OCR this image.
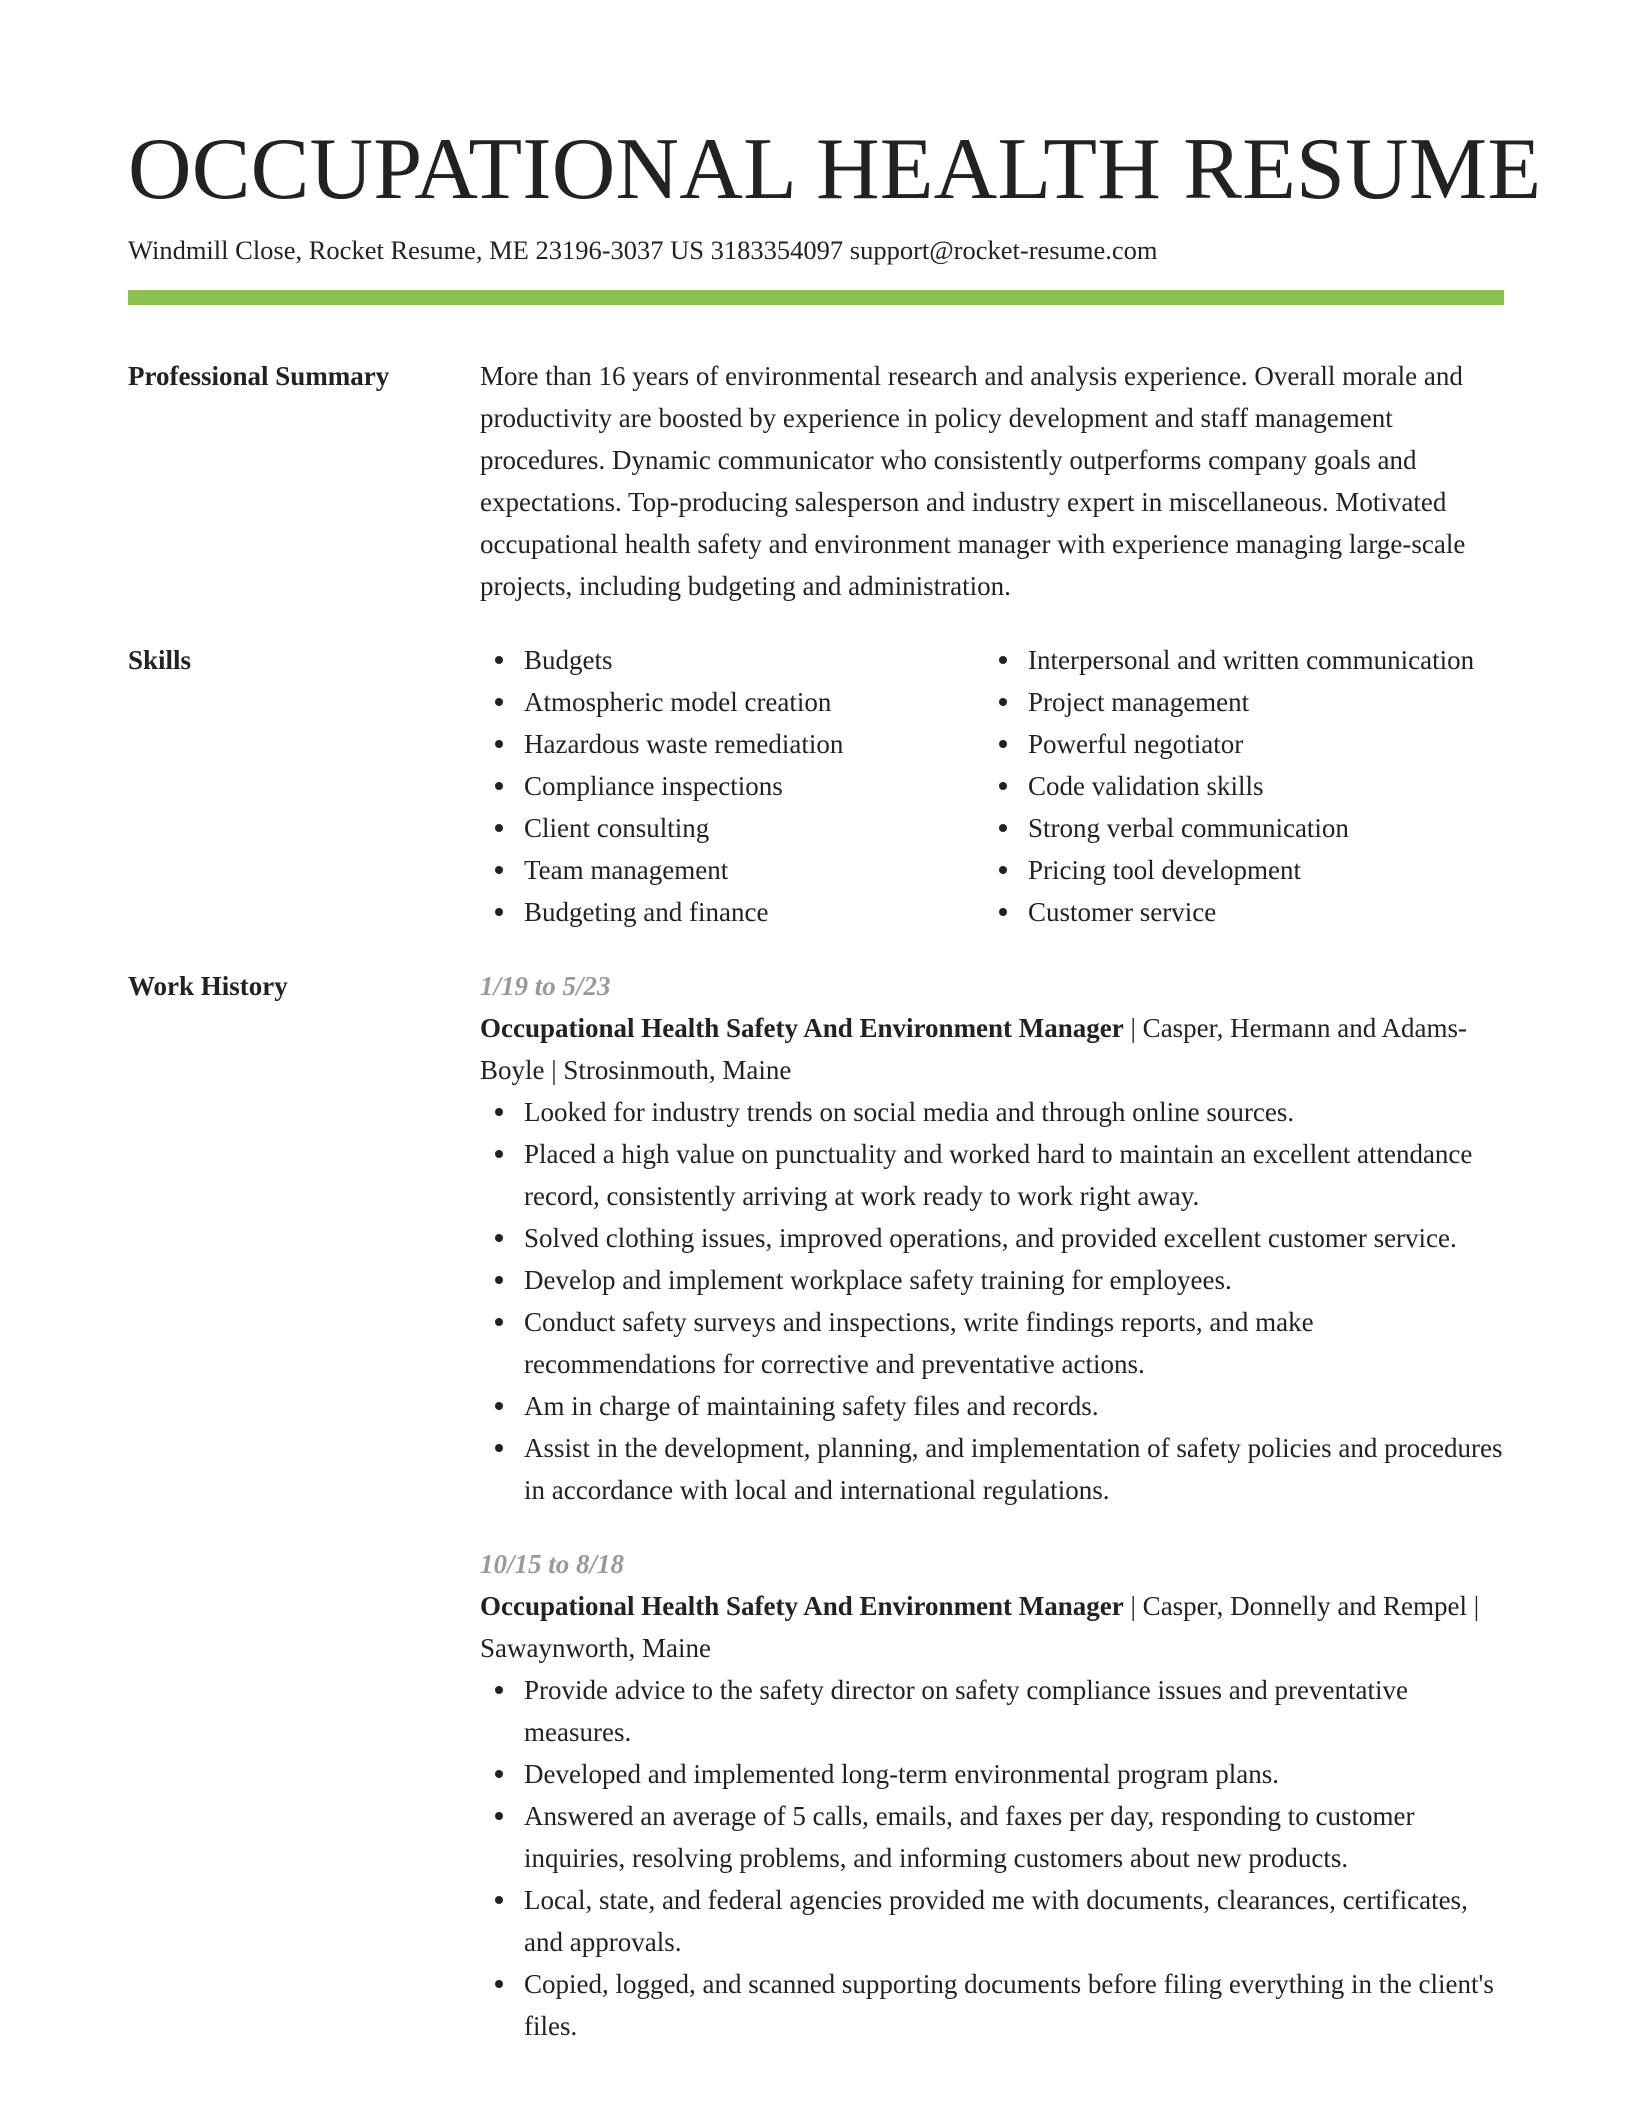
OCCUPATIONAL HEALTH RESUME
Windmill Close, Rocket Resume, ME 23196-3037 US 3183354097 support@rocket-resume.com
Professional Summary	More than 16 years of environmental research and analysis experience. Overall morale and productivity are boosted by experience in policy development and staff management procedures. Dynamic communicator who consistently outperforms company goals and expectations. Top-producing salesperson and industry expert in miscellaneous. Motivated occupational health safety and environment manager with experience managing large-scale projects, including budgeting and administration.
Skills	Budgets
Atmospheric model creation
Hazardous waste remediation
Compliance inspections
Client consulting
Team management
Budgeting and finance
Interpersonal and written communication
Project management
Powerful negotiator
Code validation skills
Strong verbal communication
Pricing tool development
Customer service
Work History	1/19 to 5/23
Occupational Health Safety And Environment Manager | Casper, Hermann and Adams-Boyle | Strosinmouth, Maine
Looked for industry trends on social media and through online sources.
Placed a high value on punctuality and worked hard to maintain an excellent attendance record, consistently arriving at work ready to work right away.
Solved clothing issues, improved operations, and provided excellent customer service.
Develop and implement workplace safety training for employees.
Conduct safety surveys and inspections, write findings reports, and make recommendations for corrective and preventative actions.
Am in charge of maintaining safety files and records.
Assist in the development, planning, and implementation of safety policies and procedures in accordance with local and international regulations.
10/15 to 8/18
Occupational Health Safety And Environment Manager | Casper, Donnelly and Rempel | Sawaynworth, Maine
Provide advice to the safety director on safety compliance issues and preventative measures.
Developed and implemented long-term environmental program plans.
Answered an average of 5 calls, emails, and faxes per day, responding to customer inquiries, resolving problems, and informing customers about new products.
Local, state, and federal agencies provided me with documents, clearances, certificates, and approvals.
Copied, logged, and scanned supporting documents before filing everything in the client's files.
